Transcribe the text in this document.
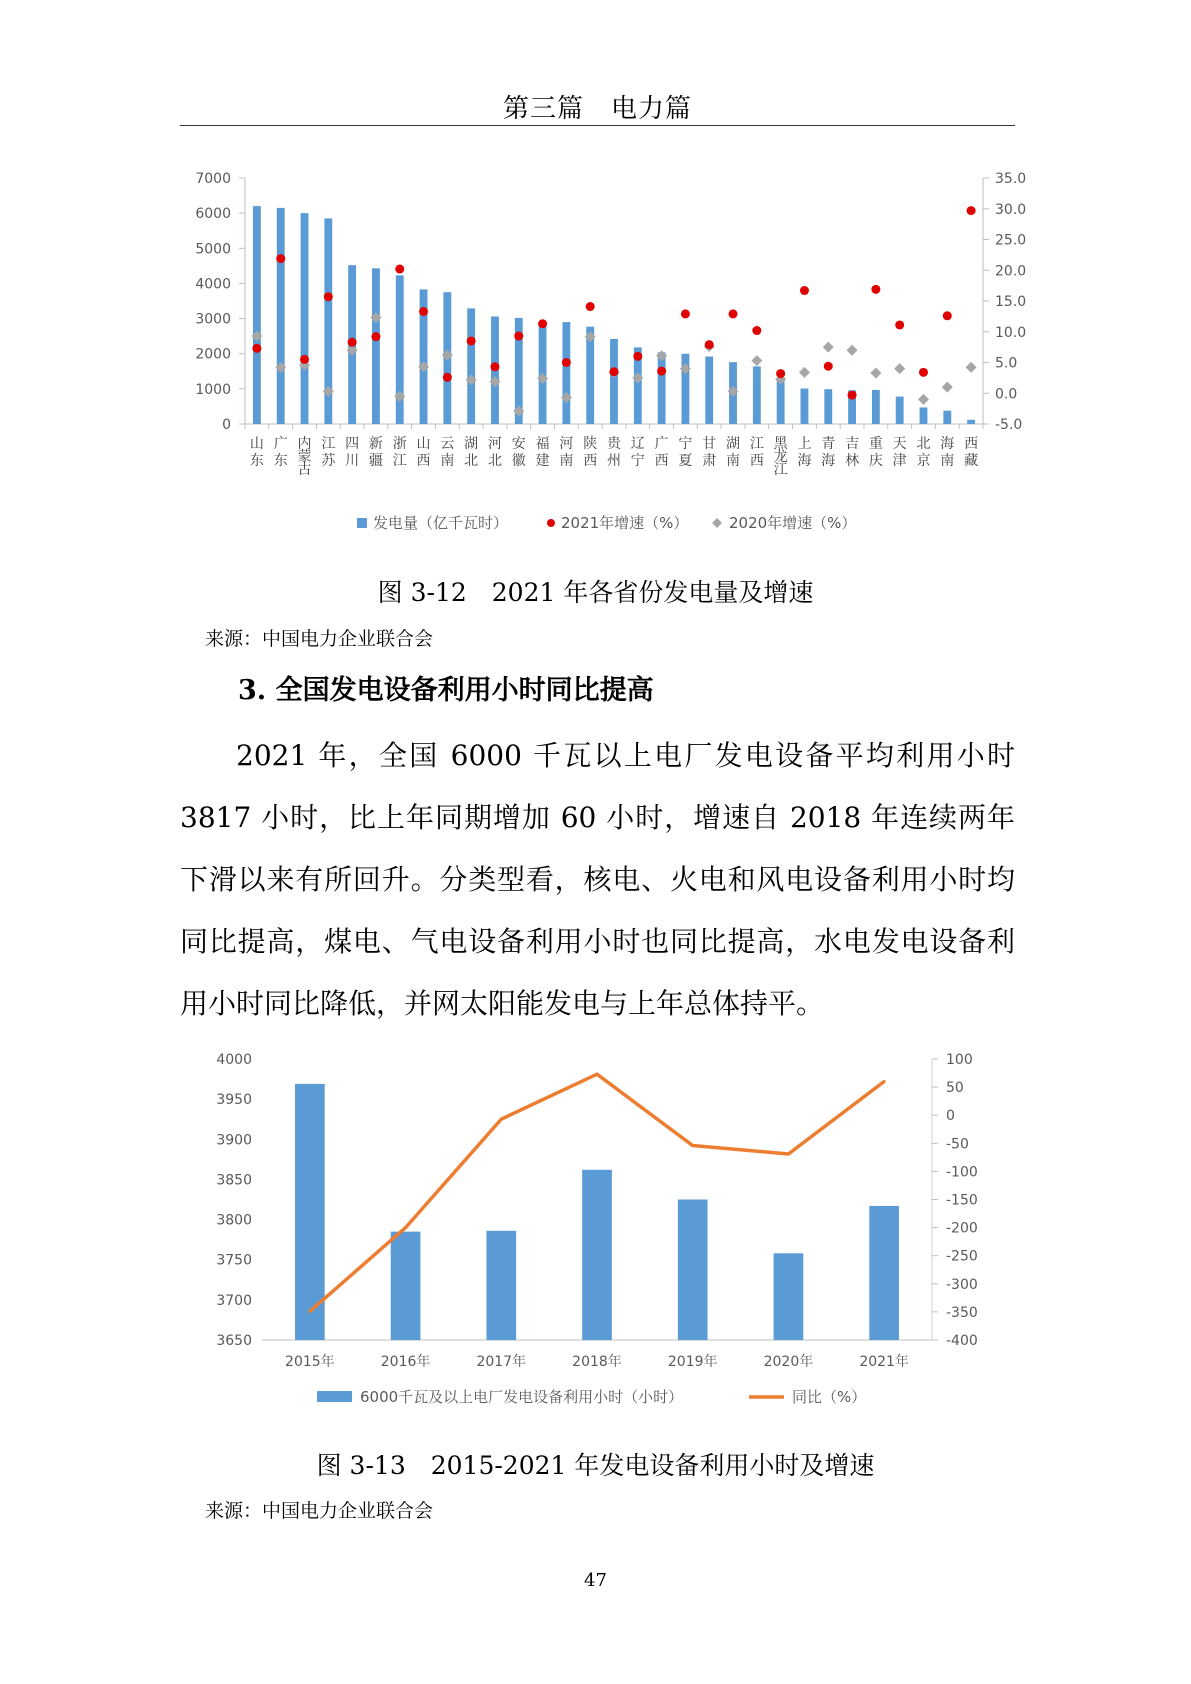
第三篇　电力篇
0
1000
2000
3000
4000
5000
6000
7000
-5.0
0.0
5.0
10.0
15.0
20.0
25.0
30.0
35.0
山东
广东
内蒙古
江苏
四川
新疆
浙江
山西
云南
湖北
河北
安徽
福建
河南
陕西
贵州
辽宁
广西
宁夏
甘肃
湖南
江西
黑龙江
上海
青海
吉林
重庆
天津
北京
海南
西藏
发电量（亿千瓦时）	2021年增速（%）	2020年增速（%）
图 3-12　2021 年各省份发电量及增速
来源：中国电力企业联合会
3. 全国发电设备利用小时同比提高
2021 年，全国 6000 千瓦以上电厂发电设备平均利用小时 3817 小时，比上年同期增加 60 小时，增速自 2018 年连续两年下滑以来有所回升。分类型看，核电、火电和风电设备利用小时均同比提高，煤电、气电设备利用小时也同比提高，水电发电设备利用小时同比降低，并网太阳能发电与上年总体持平。
3650
3700
3750
3800
3850
3900
3950
4000
-400
-350
-300
-250
-200
-150
-100
-50
0
50
100
2015年	2016年	2017年	2018年	2019年	2020年	2021年
6000千瓦及以上电厂发电设备利用小时（小时）	同比（%）
图 3-13　2015-2021 年发电设备利用小时及增速
来源：中国电力企业联合会
47
